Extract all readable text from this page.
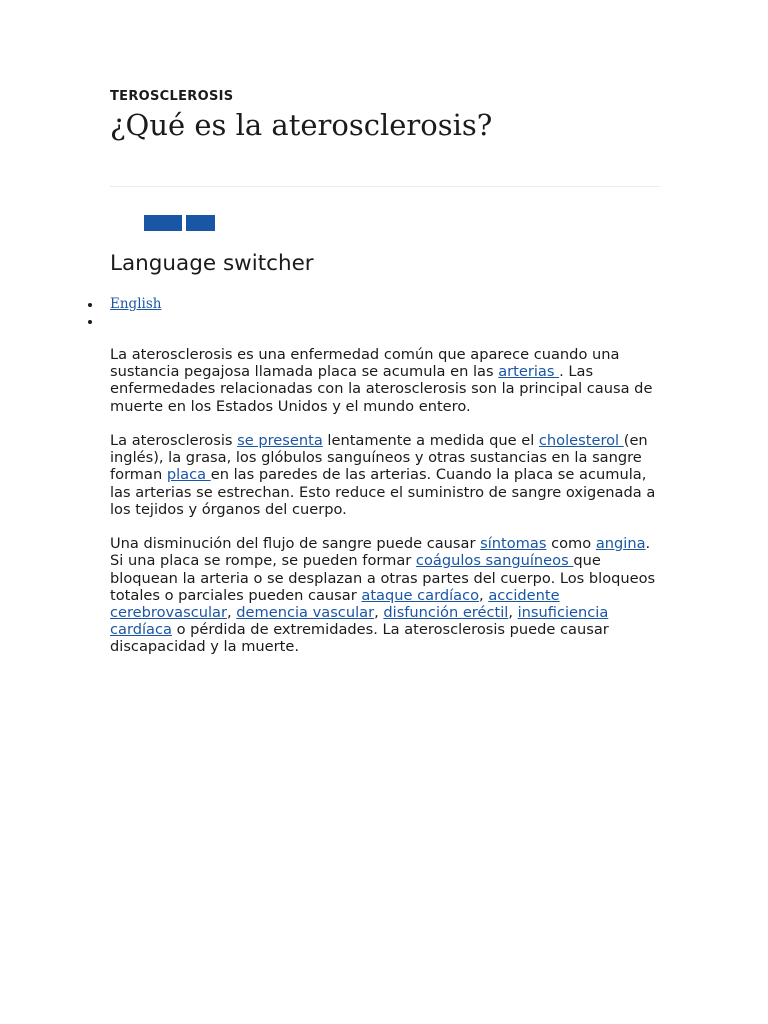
TEROSCLEROSIS
¿Qué es la aterosclerosis?
Language switcher
English

La aterosclerosis es una enfermedad común que aparece cuando una sustancia pegajosa llamada placa se acumula en las arterias . Las enfermedades relacionadas con la aterosclerosis son la principal causa de muerte en los Estados Unidos y el mundo entero.

La aterosclerosis se presenta lentamente a medida que el cholesterol (en inglés), la grasa, los glóbulos sanguíneos y otras sustancias en la sangre forman placa en las paredes de las arterias. Cuando la placa se acumula, las arterias se estrechan. Esto reduce el suministro de sangre oxigenada a los tejidos y órganos del cuerpo.

Una disminución del flujo de sangre puede causar síntomas como angina. Si una placa se rompe, se pueden formar coágulos sanguíneos que bloquean la arteria o se desplazan a otras partes del cuerpo. Los bloqueos totales o parciales pueden causar ataque cardíaco, accidente cerebrovascular, demencia vascular, disfunción eréctil, insuficiencia cardíaca o pérdida de extremidades. La aterosclerosis puede causar discapacidad y la muerte.
